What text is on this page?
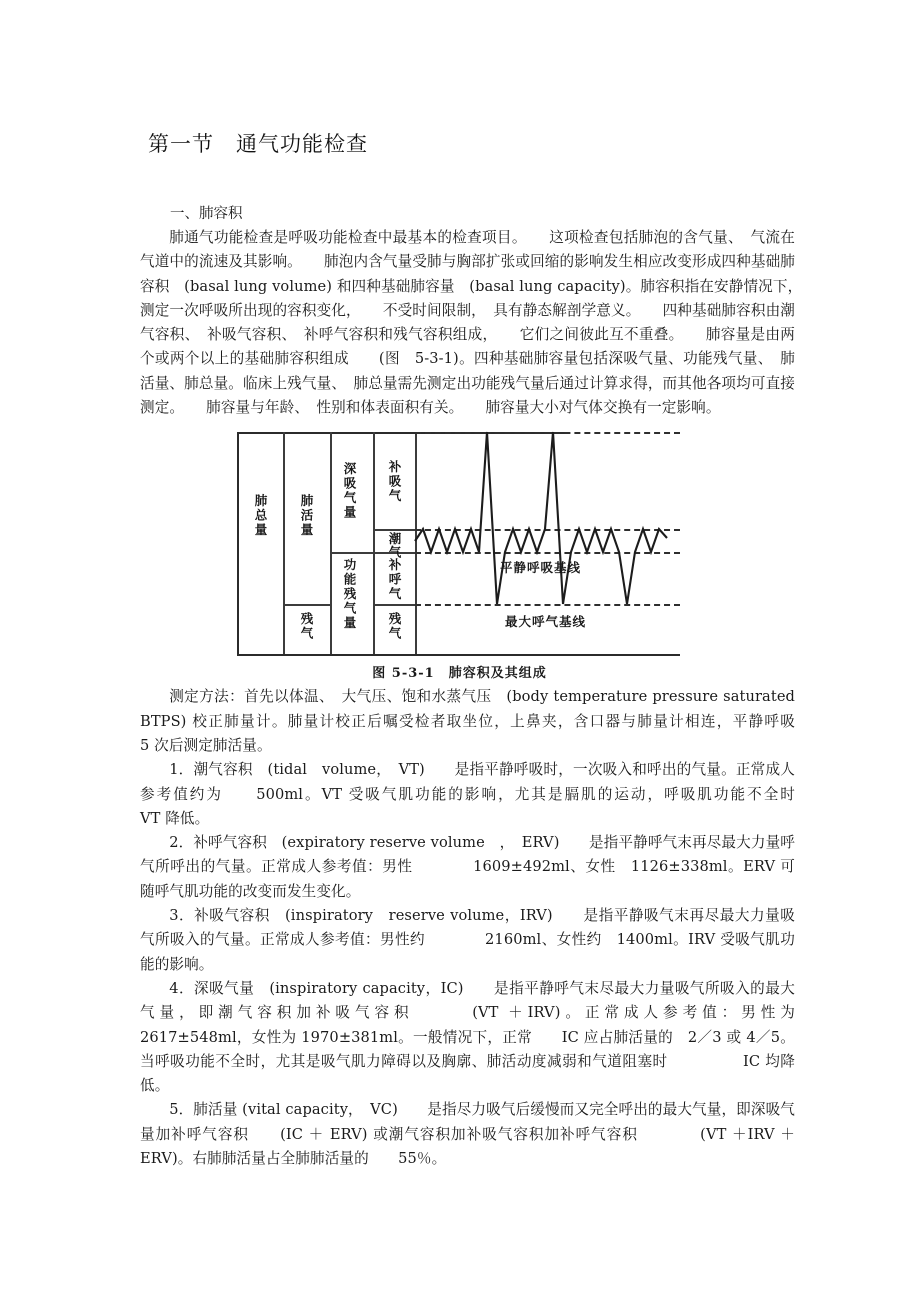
第一节　通气功能检查
一、肺容积

肺通气功能检查是呼吸功能检查中最基本的检查项目。　　这项检查包括肺泡的含气量、　气流在气道中的流速及其影响。　　肺泡内含气量受肺与胸部扩张或回缩的影响发生相应改变形成四种基础肺容积　(basal lung volume) 和四种基础肺容量　(basal lung capacity)。肺容积指在安静情况下，　测定一次呼吸所出现的容积变化，　　不受时间限制，　具有静态解剖学意义。　　四种基础肺容积由潮气容积、　补吸气容积、　补呼气容积和残气容积组成，　　它们之间彼此互不重叠。　　肺容量是由两个或两个以上的基础肺容积组成　　(图　5-3-1)。四种基础肺容量包括深吸气量、功能残气量、　肺活量、肺总量。临床上残气量、　肺总量需先测定出功能残气量后通过计算求得，而其他各项均可直接测定。　　肺容量与年龄、　性别和体表面积有关。　　肺容量大小对气体交换有一定影响。

肺总量 肺活量
残气
深吸气量
功能残气量
补吸气
潮气
补呼气
残气
平静呼吸基线
最大呼气基线
图 5-3-1　肺容积及其组成

测定方法：首先以体温、　大气压、饱和水蒸气压　(body temperature pressure saturated BTPS) 校正肺量计。肺量计校正后嘱受检者取坐位，上鼻夹，含口器与肺量计相连，平静呼吸　　　　　5 次后测定肺活量。

1．潮气容积　(tidal　volume，　VT)　　是指平静呼吸时，一次吸入和呼出的气量。正常成人参考值约为　　500ml。VT 受吸气肌功能的影响，尤其是膈肌的运动，呼吸肌功能不全时　　　　　　VT 降低。

2．补呼气容积　(expiratory reserve volume　，　ERV)　　是指平静呼气末再尽最大力量呼气所呼出的气量。正常成人参考值：男性　　　　1609±492ml、女性　1126±338ml。ERV 可随呼气肌功能的改变而发生变化。

3．补吸气容积　(inspiratory　reserve volume，IRV)　　是指平静吸气末再尽最大力量吸气所吸入的气量。正常成人参考值：男性约　　　　2160ml、女性约　1400ml。IRV 受吸气肌功能的影响。

4．深吸气量　(inspiratory capacity，IC)　　是指平静呼气末尽最大力量吸气所吸入的最大气量，即潮气容积加补吸气容积　　　(VT ＋IRV)。正常成人参考值：男性为　　　2617±548ml，女性为 1970±381ml。一般情况下，正常　　IC 应占肺活量的　2／3 或 4／5。当呼吸功能不全时，尤其是吸气肌力障碍以及胸廓、肺活动度减弱和气道阻塞时　　　　　IC 均降低。

5．肺活量 (vital capacity，　VC)　　是指尽力吸气后缓慢而又完全呼出的最大气量，即深吸气量加补呼气容积　　(IC ＋ ERV) 或潮气容积加补吸气容积加补呼气容积　　　　(VT ＋IRV ＋ ERV)。右肺肺活量占全肺肺活量的　　55％。
